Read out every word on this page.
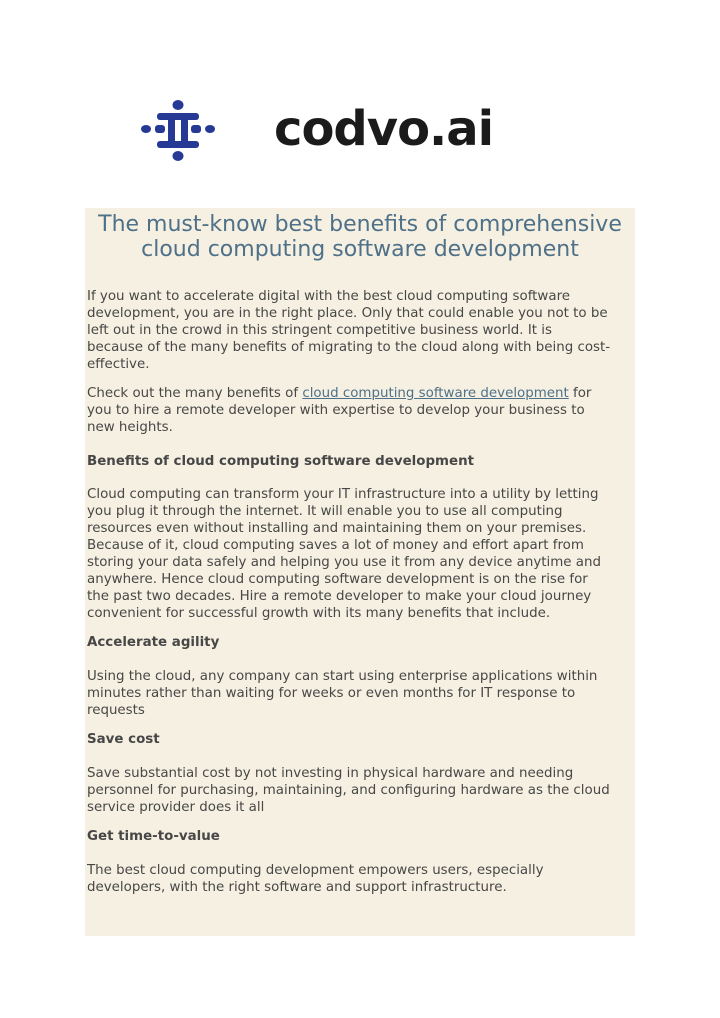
codvo.ai
The must-know best benefits of comprehensive
cloud computing software development

If you want to accelerate digital with the best cloud computing software

development, you are in the right place. Only that could enable you not to be

left out in the crowd in this stringent competitive business world. It is

because of the many benefits of migrating to the cloud along with being cost-

effective.

Check out the many benefits of cloud computing software development for

you to hire a remote developer with expertise to develop your business to

new heights.

Benefits of cloud computing software development

Cloud computing can transform your IT infrastructure into a utility by letting

you plug it through the internet. It will enable you to use all computing

resources even without installing and maintaining them on your premises.

Because of it, cloud computing saves a lot of money and effort apart from

storing your data safely and helping you use it from any device anytime and

anywhere. Hence cloud computing software development is on the rise for

the past two decades. Hire a remote developer to make your cloud journey

convenient for successful growth with its many benefits that include.

Accelerate agility

Using the cloud, any company can start using enterprise applications within

minutes rather than waiting for weeks or even months for IT response to

requests

Save cost

Save substantial cost by not investing in physical hardware and needing

personnel for purchasing, maintaining, and configuring hardware as the cloud

service provider does it all

Get time-to-value

The best cloud computing development empowers users, especially

developers, with the right software and support infrastructure.
